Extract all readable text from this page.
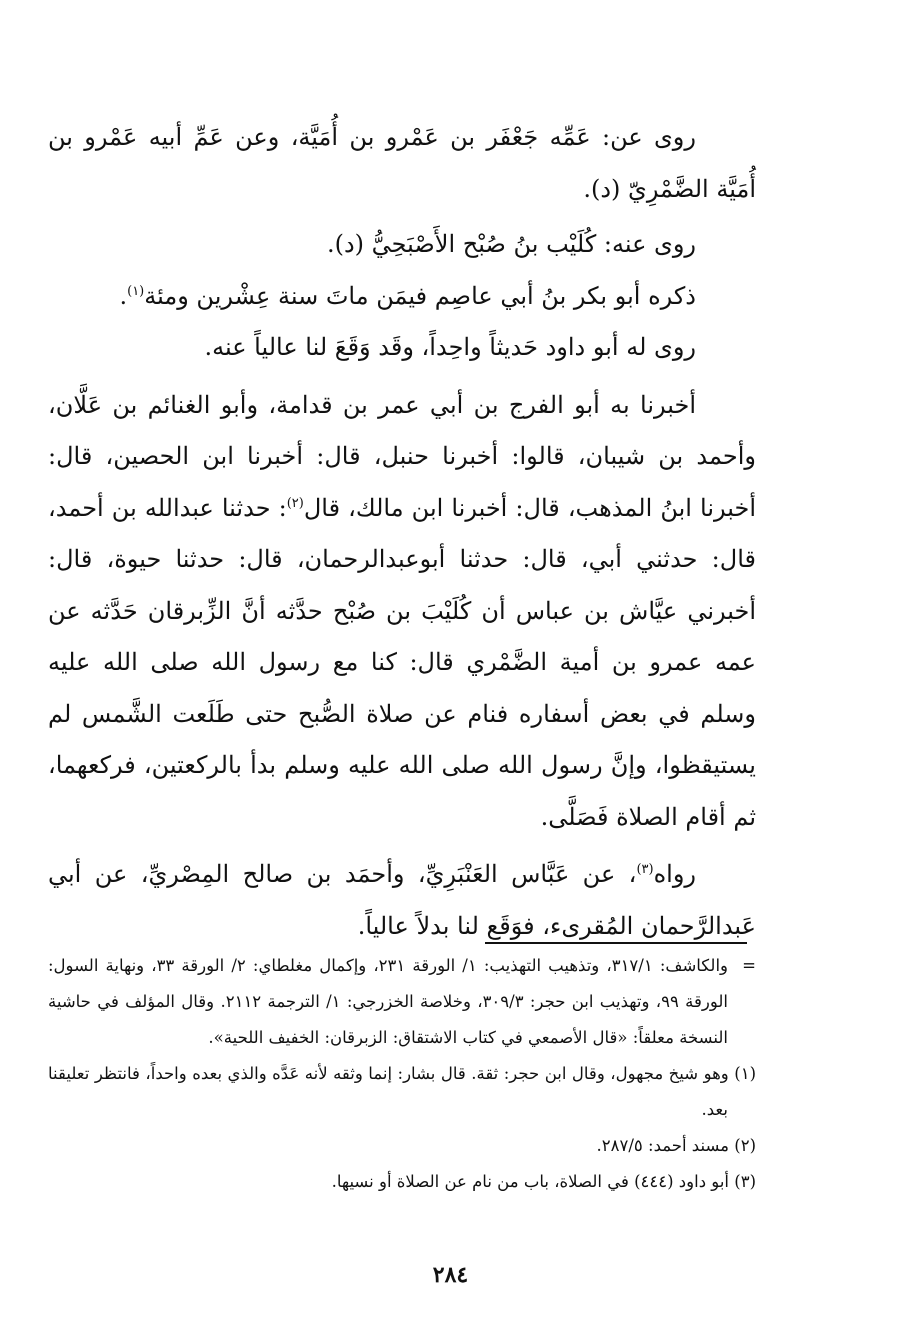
روى عن: عَمِّه جَعْفَر بن عَمْرو بن أُمَيَّة، وعن عَمِّ أبيه عَمْرو بن أُمَيَّة الضَّمْرِيّ (د).

روى عنه: كُلَيْب بنُ صُبْح الأَصْبَحِيُّ (د).

ذكره أبو بكر بنُ أبي عاصِم فيمَن ماتَ سنة عِشْرين ومئة$^{(١)}$.

روى له أبو داود حَديثاً واحِداً، وقَد وَقَعَ لنا عالياً عنه.

أخبرنا به أبو الفرج بن أبي عمر بن قدامة، وأبو الغنائم بن عَلَّان، وأحمد بن شيبان، قالوا: أخبرنا حنبل، قال: أخبرنا ابن الحصين، قال: أخبرنا ابنُ المذهب، قال: أخبرنا ابن مالك، قال$^{(٢)}$: حدثنا عبدالله بن أحمد، قال: حدثني أبي، قال: حدثنا أبوعبدالرحمان، قال: حدثنا حيوة، قال: أخبرني عيَّاش بن عباس أن كُلَيْبَ بن صُبْح حدَّثه أنَّ الزِّبرقان حَدَّثه عن عمه عمرو بن أمية الضَّمْري قال: كنا مع رسول الله صلى الله عليه وسلم في بعض أسفاره فنام عن صلاة الصُّبح حتى طَلَعت الشَّمس لم يستيقظوا، وإنَّ رسول الله صلى الله عليه وسلم بدأ بالركعتين، فركعهما، ثم أقام الصلاة فَصَلَّى.

رواه$^{(٣)}$، عن عَبَّاس العَنْبَرِيِّ، وأحمَد بن صالح المِصْريِّ، عن أبي عَبدالرَّحمان المُقرىء، فوَقَع لنا بدلاً عالياً.

=
والكاشف: ٣١٧/١، وتذهيب التهذيب: ١/ الورقة ٢٣١، وإكمال مغلطاي: ٢/ الورقة ٣٣، ونهاية السول: الورقة ٩٩، وتهذيب ابن حجر: ٣٠٩/٣، وخلاصة الخزرجي: ١/ الترجمة ٢١١٢. وقال المؤلف في حاشية النسخة معلقاً: «قال الأصمعي في كتاب الاشتقاق: الزبرقان: الخفيف اللحية».

(١) وهو شيخ مجهول، وقال ابن حجر: ثقة. قال بشار: إنما وثقه لأنه عَدَّه والذي بعده واحداً، فانتظر تعليقنا بعد.

(٢) مسند أحمد: ٢٨٧/٥.

(٣) أبو داود (٤٤٤) في الصلاة، باب من نام عن الصلاة أو نسيها.

٢٨٤
